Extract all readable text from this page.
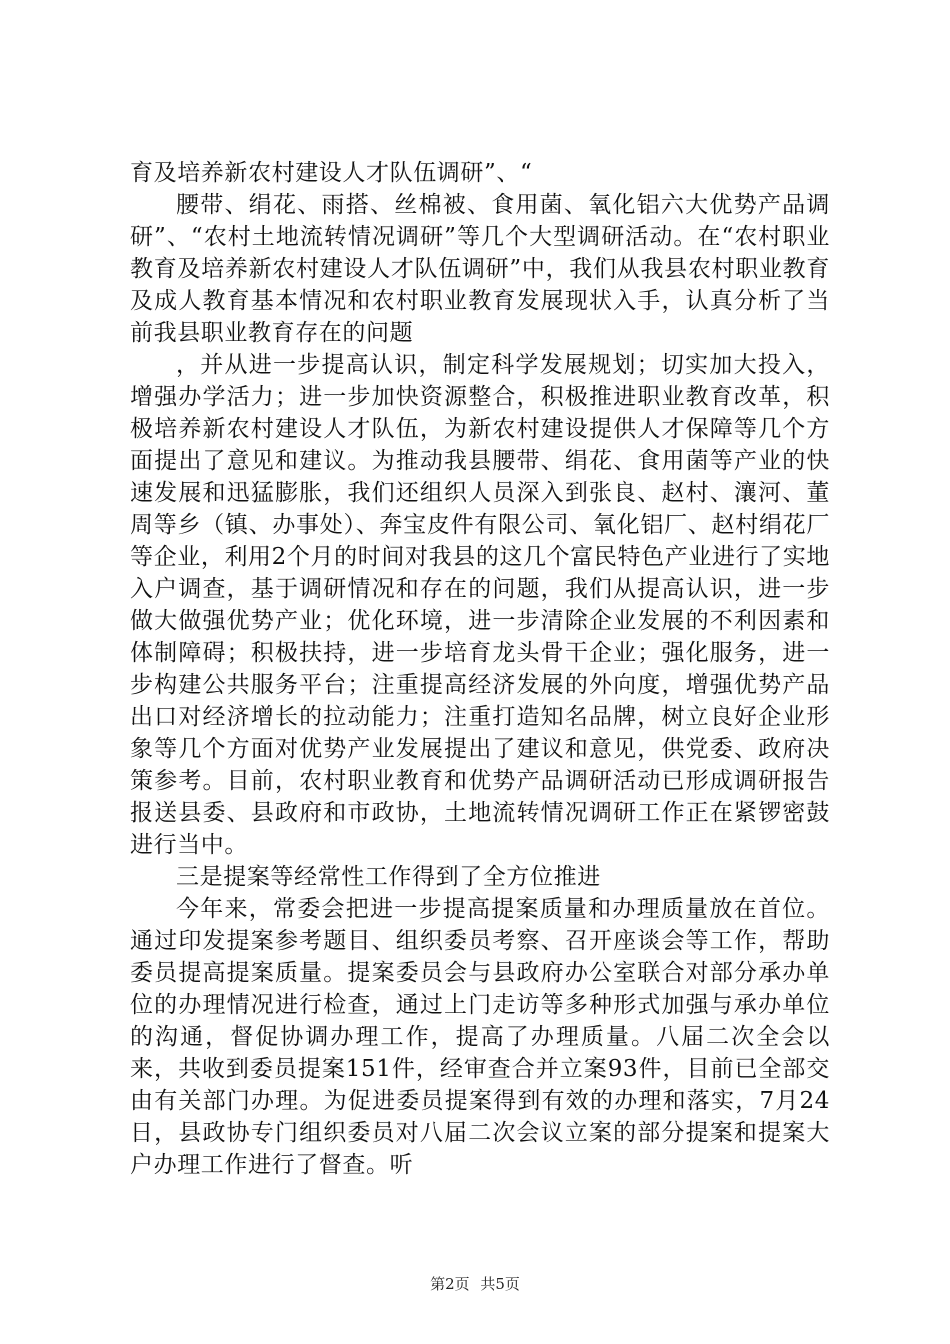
育及培养新农村建设人才队伍调研”、“

腰带、绢花、雨搭、丝棉被、食用菌、氧化铝六大优势产品调研”、“农村土地流转情况调研”等几个大型调研活动。在“农村职业教育及培养新农村建设人才队伍调研”中，我们从我县农村职业教育及成人教育基本情况和农村职业教育发展现状入手，认真分析了当前我县职业教育存在的问题

，并从进一步提高认识，制定科学发展规划；切实加大投入，增强办学活力；进一步加快资源整合，积极推进职业教育改革，积极培养新农村建设人才队伍，为新农村建设提供人才保障等几个方面提出了意见和建议。为推动我县腰带、绢花、食用菌等产业的快速发展和迅猛膨胀，我们还组织人员深入到张良、赵村、瀼河、董周等乡（镇、办事处）、奔宝皮件有限公司、氧化铝厂、赵村绢花厂等企业，利用2个月的时间对我县的这几个富民特色产业进行了实地入户调查，基于调研情况和存在的问题，我们从提高认识，进一步做大做强优势产业；优化环境，进一步清除企业发展的不利因素和体制障碍；积极扶持，进一步培育龙头骨干企业；强化服务，进一步构建公共服务平台；注重提高经济发展的外向度，增强优势产品出口对经济增长的拉动能力；注重打造知名品牌，树立良好企业形象等几个方面对优势产业发展提出了建议和意见，供党委、政府决策参考。目前，农村职业教育和优势产品调研活动已形成调研报告报送县委、县政府和市政协，土地流转情况调研工作正在紧锣密鼓进行当中。

三是提案等经常性工作得到了全方位推进

今年来，常委会把进一步提高提案质量和办理质量放在首位。通过印发提案参考题目、组织委员考察、召开座谈会等工作，帮助委员提高提案质量。提案委员会与县政府办公室联合对部分承办单位的办理情况进行检查，通过上门走访等多种形式加强与承办单位的沟通，督促协调办理工作，提高了办理质量。八届二次全会以来，共收到委员提案151件，经审查合并立案93件，目前已全部交由有关部门办理。为促进委员提案得到有效的办理和落实，7月24日，县政协专门组织委员对八届二次会议立案的部分提案和提案大户办理工作进行了督查。听

第2页 共5页
